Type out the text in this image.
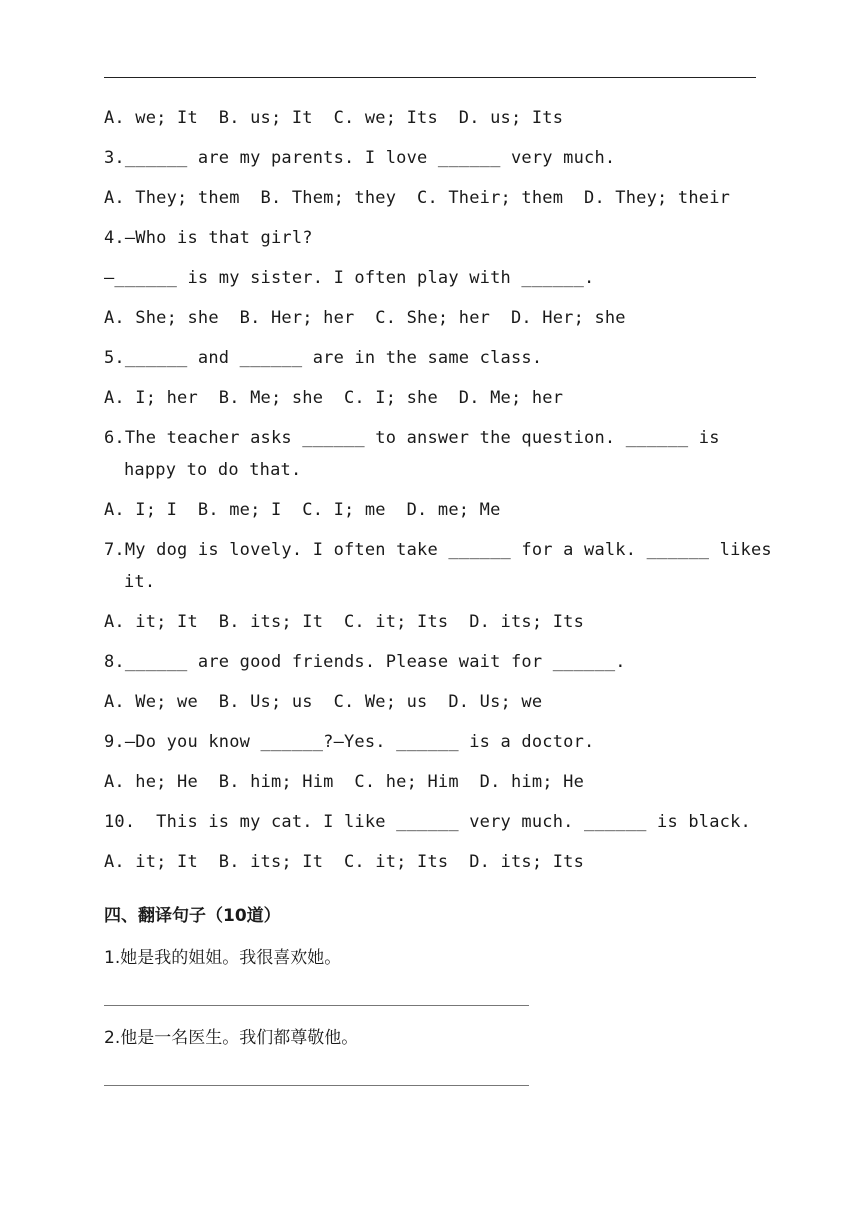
A. we; It  B. us; It  C. we; Its  D. us; Its
3.______ are my parents. I love ______ very much.
A. They; them  B. Them; they  C. Their; them  D. They; their
4.—Who is that girl?
—______ is my sister. I often play with ______.
A. She; she  B. Her; her  C. She; her  D. Her; she
5.______ and ______ are in the same class.
A. I; her  B. Me; she  C. I; she  D. Me; her
6.The teacher asks ______ to answer the question. ______ is
happy to do that.
A. I; I  B. me; I  C. I; me  D. me; Me
7.My dog is lovely. I often take ______ for a walk. ______ likes
it.
A. it; It  B. its; It  C. it; Its  D. its; Its
8.______ are good friends. Please wait for ______.
A. We; we  B. Us; us  C. We; us  D. Us; we
9.—Do you know ______?—Yes. ______ is a doctor.
A. he; He  B. him; Him  C. he; Him  D. him; He
10.  This is my cat. I like ______ very much. ______ is black.
A. it; It  B. its; It  C. it; Its  D. its; Its
四、翻译句子（10道）
1.她是我的姐姐。我很喜欢她。
2.他是一名医生。我们都尊敬他。
